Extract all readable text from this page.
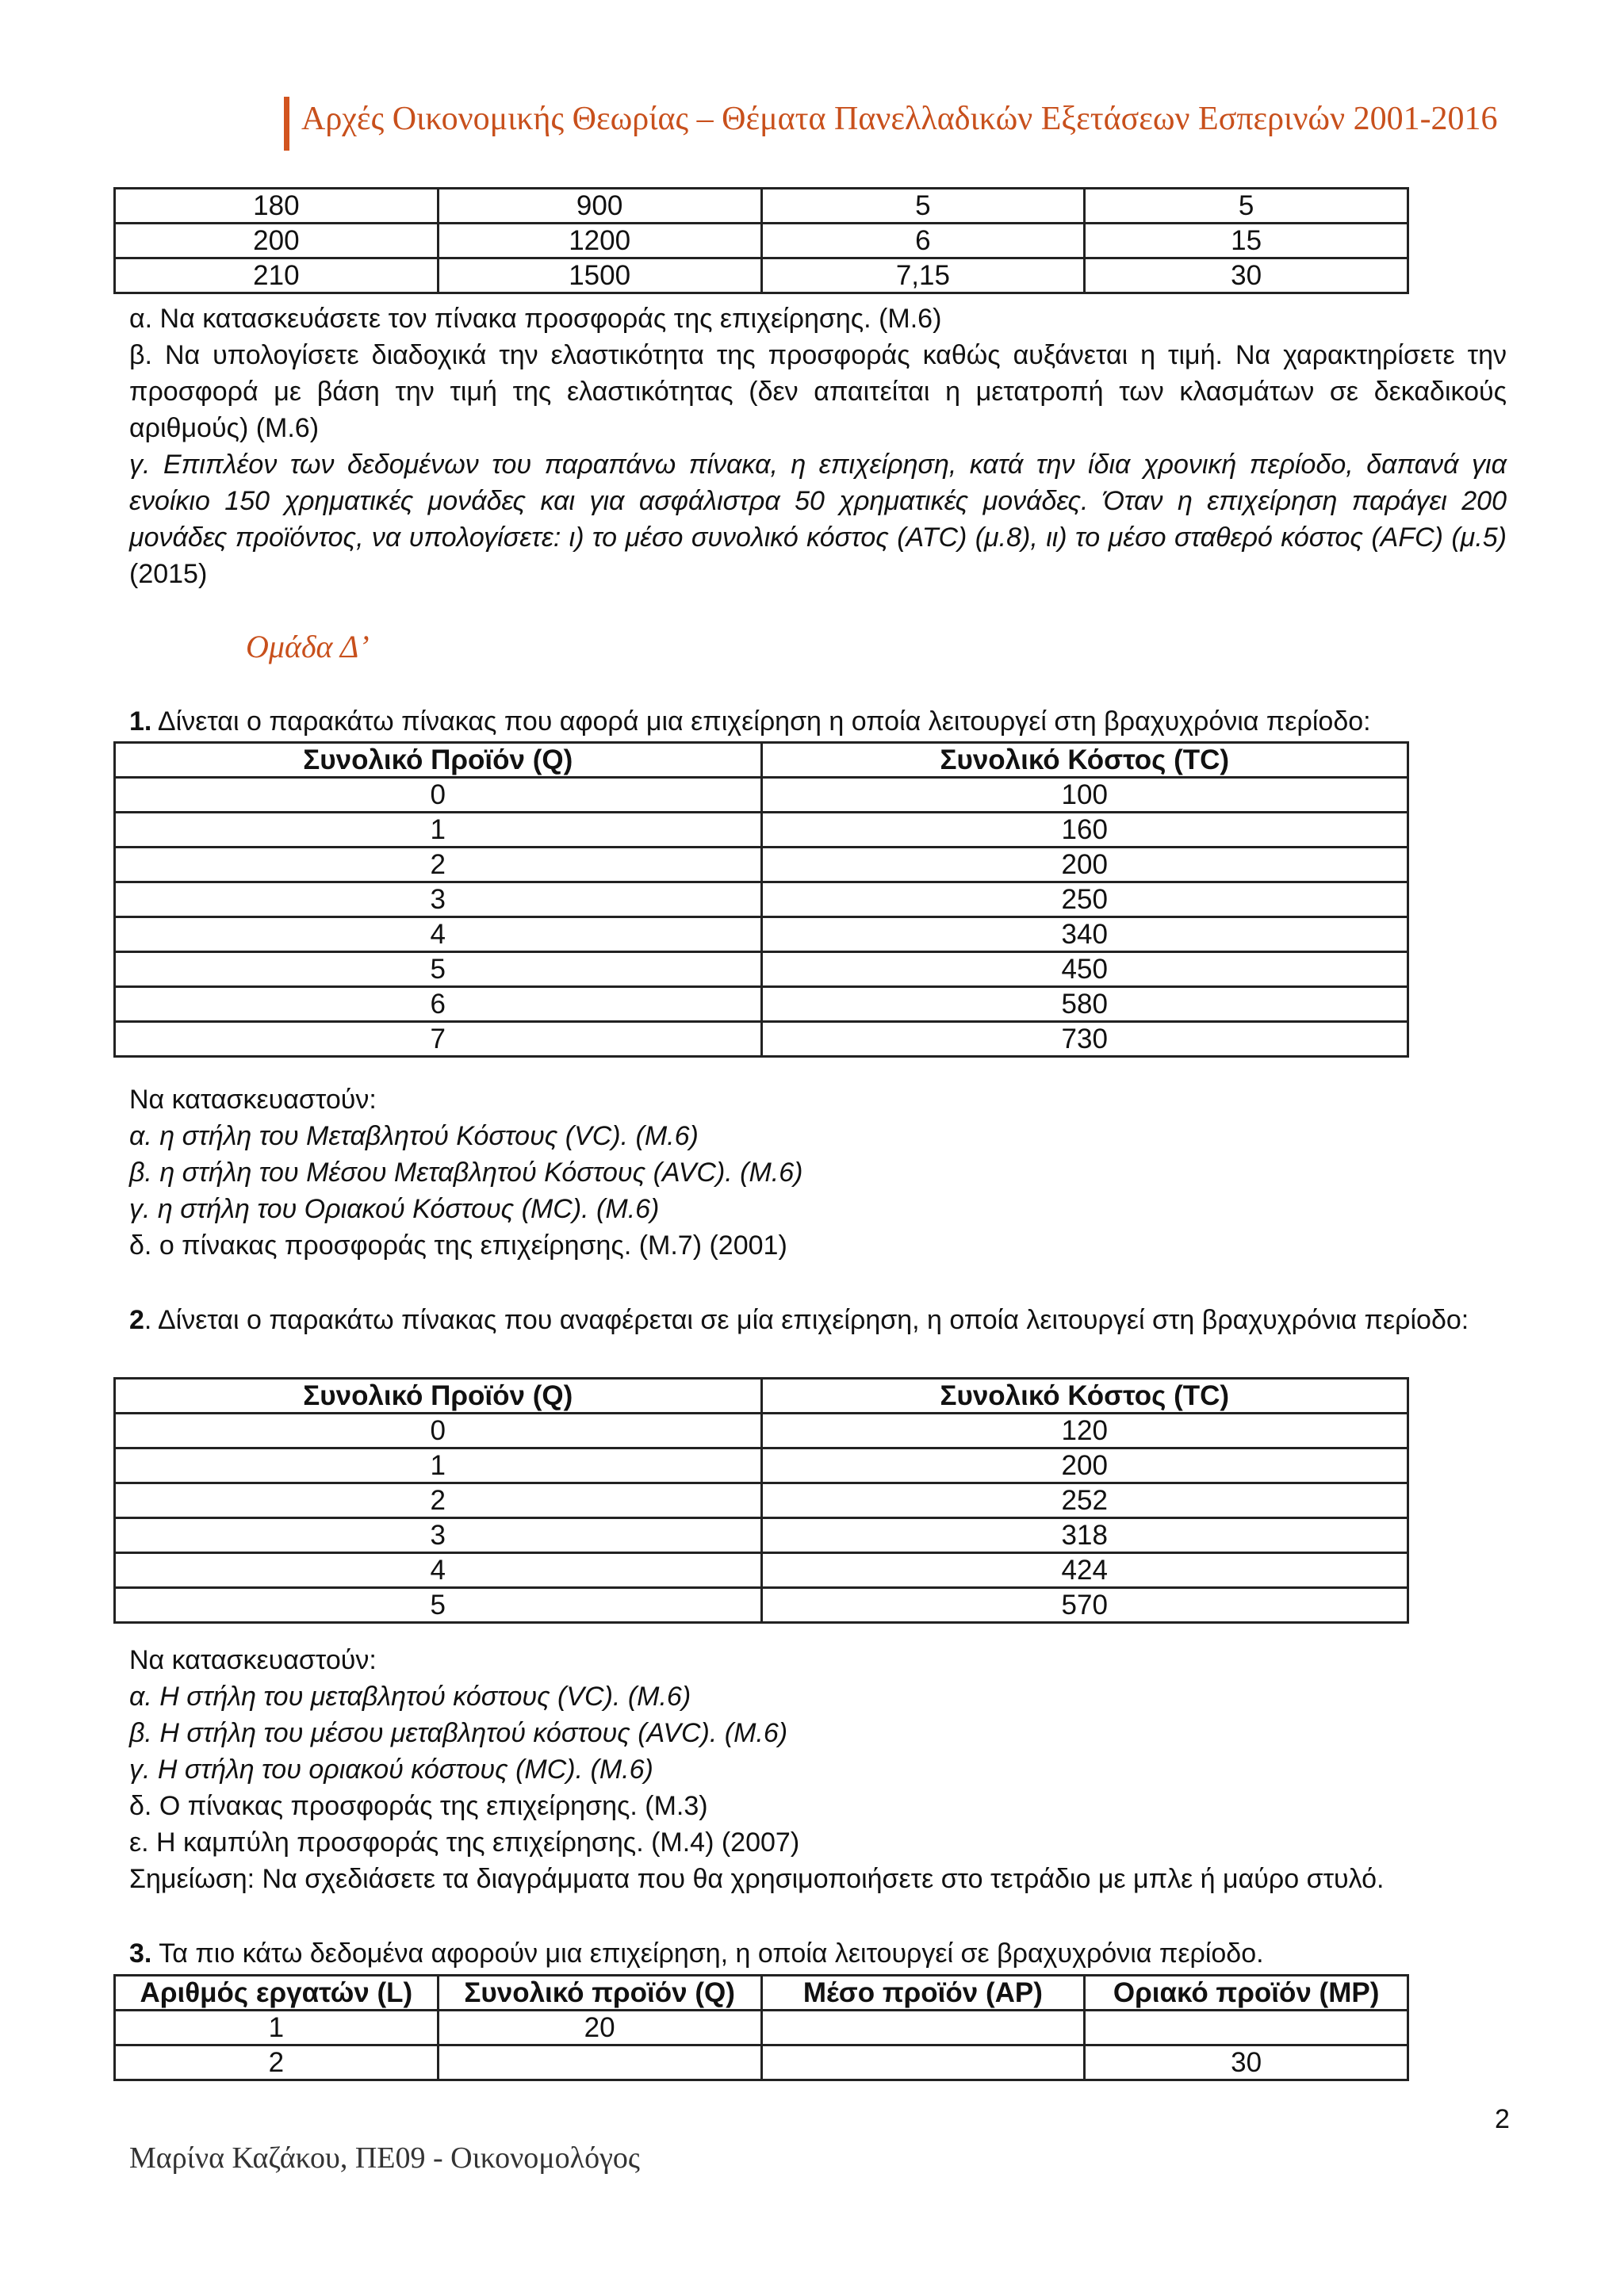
Αρχές Οικονομικής Θεωρίας – Θέματα Πανελλαδικών Εξετάσεων Εσπερινών 2001-2016
180	900	5	5
200	1200	6	15
210	1500	7,15	30

α. Να κατασκευάσετε τον πίνακα προσφοράς της επιχείρησης. (Μ.6)

β. Να υπολογίσετε διαδοχικά την ελαστικότητα της προσφοράς καθώς αυξάνεται η τιμή. Να χαρακτηρίσετε την προσφορά με βάση την τιμή της ελαστικότητας (δεν απαιτείται η μετατροπή των κλασμάτων σε δεκαδικούς αριθμούς) (Μ.6)

γ. Επιπλέον των δεδομένων του παραπάνω πίνακα, η επιχείρηση, κατά την ίδια χρονική περίοδο, δαπανά για ενοίκιο 150 χρηματικές μονάδες και για ασφάλιστρα 50 χρηματικές μονάδες. Όταν η επιχείρηση παράγει 200 μονάδες προϊόντος, να υπολογίσετε: ι) το μέσο συνολικό κόστος (ATC) (μ.8), ιι) το μέσο σταθερό κόστος (AFC) (μ.5) (2015)

Ομάδα Δ’

1. Δίνεται ο παρακάτω πίνακας που αφορά μια επιχείρηση η οποία λειτουργεί στη βραχυχρόνια περίοδο:

Συνολικό Προϊόν (Q)	Συνολικό Κόστος (TC)
0	100
1	160
2	200
3	250
4	340
5	450
6	580
7	730

Να κατασκευαστούν:

α. η στήλη του Μεταβλητού Κόστους (VC). (Μ.6)

β. η στήλη του Μέσου Μεταβλητού Κόστους (AVC). (Μ.6)

γ. η στήλη του Οριακού Κόστους (MC). (Μ.6)

δ. ο πίνακας προσφοράς της επιχείρησης. (Μ.7) (2001)

2. Δίνεται ο παρακάτω πίνακας που αναφέρεται σε μία επιχείρηση, η οποία λειτουργεί στη βραχυχρόνια περίοδο:

Συνολικό Προϊόν (Q)	Συνολικό Κόστος (TC)
0	120
1	200
2	252
3	318
4	424
5	570

Να κατασκευαστούν:

α. Η στήλη του μεταβλητού κόστους (VC). (Μ.6)

β. Η στήλη του μέσου μεταβλητού κόστους (AVC). (Μ.6)

γ. Η στήλη του οριακού κόστους (MC). (Μ.6)

δ. Ο πίνακας προσφοράς της επιχείρησης. (Μ.3)

ε. Η καμπύλη προσφοράς της επιχείρησης. (Μ.4) (2007)

Σημείωση: Να σχεδιάσετε τα διαγράμματα που θα χρησιμοποιήσετε στο τετράδιο με μπλε ή μαύρο στυλό.

3. Τα πιο κάτω δεδομένα αφορούν μια επιχείρηση, η οποία λειτουργεί σε βραχυχρόνια περίοδο.

Αριθμός εργατών (L)	Συνολικό προϊόν (Q)	Μέσο προϊόν (AP)	Οριακό προϊόν (MP)
1	20		
2			30
2
Μαρίνα Καζάκου, ΠΕ09 - Οικονομολόγος
